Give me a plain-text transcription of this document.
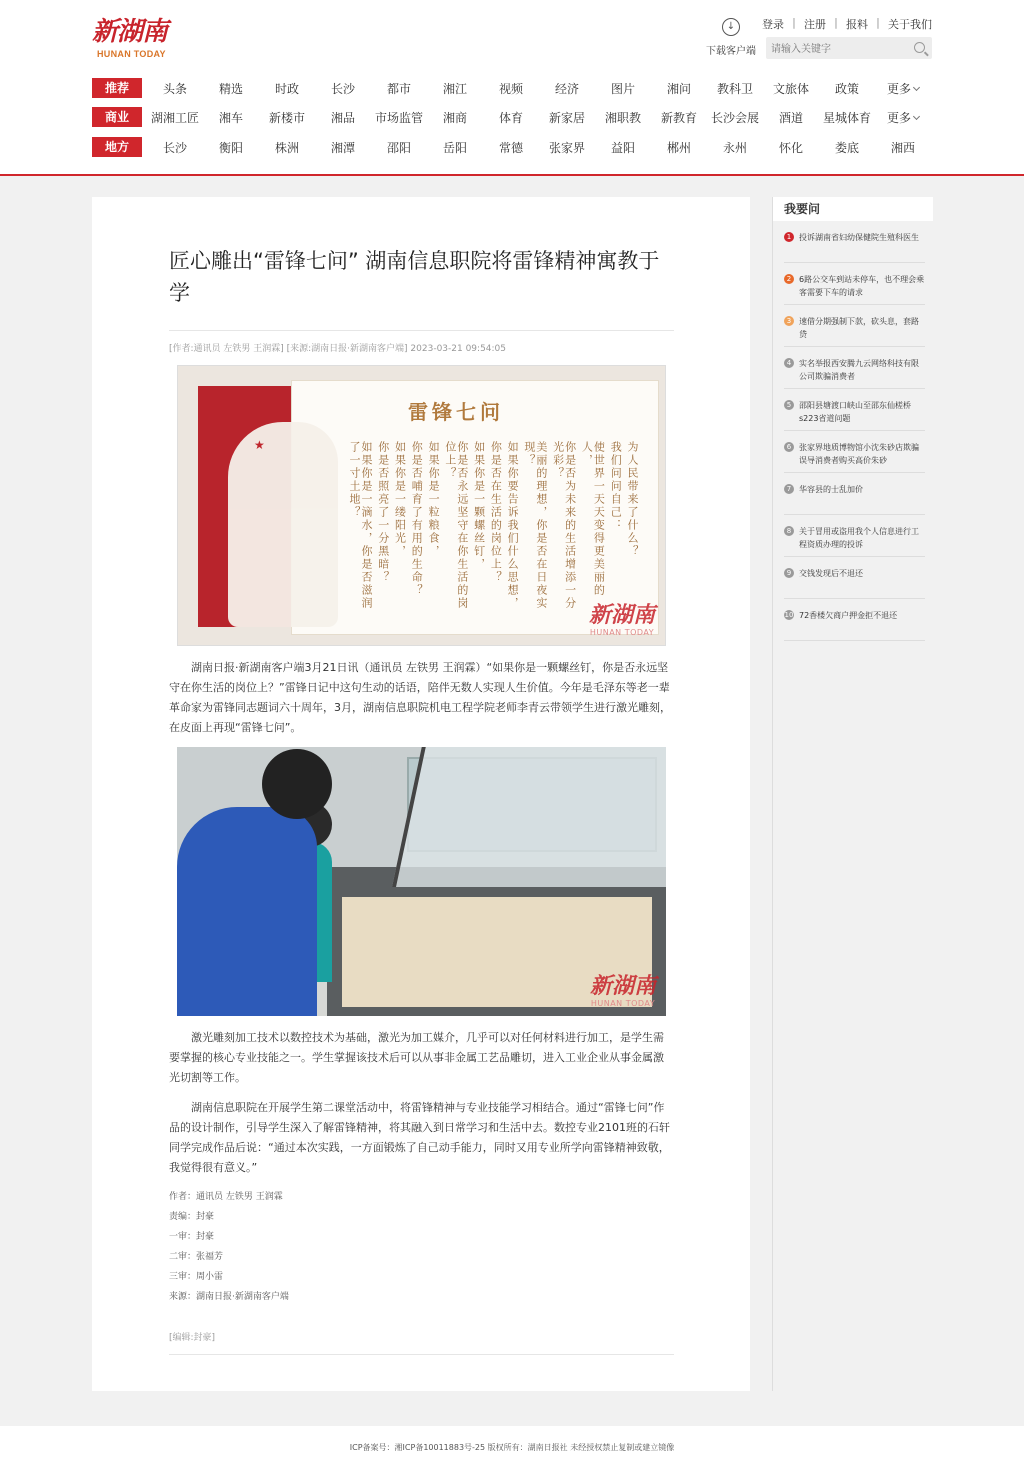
新湖南
HUNAN TODAY
↓
下载客户端
登录 | 注册 | 报料 | 关于我们
请输入关键字
推荐	头条	精选	时政	长沙	都市	湘江	视频	经济	图片	湘问	教科卫	文旅体	政策	更多
商业	湖湘工匠	湘车	新楼市	湘品	市场监管	湘商	体育	新家居	湘职教	新教育	长沙会展	酒道	星城体育	更多
地方	长沙	衡阳	株洲	湘潭	邵阳	岳阳	常德	张家界	益阳	郴州	永州	怀化	娄底	湘西
匠心雕出“雷锋七问” 湖南信息职院将雷锋精神寓教于学
[作者:通讯员 左铁男 王润霖] [来源:湖南日报·新湖南客户端] 2023-03-21 09:54:05
★
雷锋七问
为人民带来了什么？
我们问问自己：
使世界一天天变得更美丽的人，
你是否为未来的生活增添一分光彩？
美丽的理想，你是否在日夜实现？
如果你要告诉我们什么思想，
你是否在生活的岗位上？
如果你是一颗螺丝钉，
你是否永远坚守在你生活的岗位上？
如果你是一粒粮食，
你是否哺育了有用的生命？
如果你是一缕阳光，
你是否照亮了一分黑暗？
如果你是一滴水，你是否滋润了一寸土地？
新湖南
HUNAN TODAY

湖南日报·新湖南客户端3月21日讯（通讯员 左铁男 王润霖）“如果你是一颗螺丝钉，你是否永远坚守在你生活的岗位上？”雷锋日记中这句生动的话语，陪伴无数人实现人生价值。今年是毛泽东等老一辈革命家为雷锋同志题词六十周年，3月，湖南信息职院机电工程学院老师李青云带领学生进行激光雕刻，在皮面上再现“雷锋七问”。

新湖南
HUNAN TODAY

激光雕刻加工技术以数控技术为基础，激光为加工媒介，几乎可以对任何材料进行加工，是学生需要掌握的核心专业技能之一。学生掌握该技术后可以从事非金属工艺品雕切，进入工业企业从事金属激光切割等工作。

湖南信息职院在开展学生第二课堂活动中，将雷锋精神与专业技能学习相结合。通过“雷锋七问”作品的设计制作，引导学生深入了解雷锋精神，将其融入到日常学习和生活中去。数控专业2101班的石轩同学完成作品后说：“通过本次实践，一方面锻炼了自己动手能力，同时又用专业所学向雷锋精神致敬，我觉得很有意义。”

作者：通讯员 左铁男 王润霖
责编：封豪
一审：封豪
二审：张福芳
三审：周小雷
来源：湖南日报·新湖南客户端
[编辑:封豪]
我要问
1 投诉湖南省妇幼保健院生殖科医生
2 6路公交车到站未停车，也不理会乘客需要下车的请求
3 速借分期强制下款，砍头息，套路贷
4 实名举报西安腾九云网络科技有限公司欺骗消费者
5 邵阳县塘渡口峡山至邵东仙槎桥s223省道问题
6 张家界地质博物馆小沈朱砂店欺骗误导消费者购买高价朱砂
7 华容县的士乱加价
8 关于冒用或盗用我个人信息进行工程资质办理的投诉
9 交钱发现后不退还
10 72香楼欠商户押金拒不退还
ICP备案号：湘ICP备10011883号-25 版权所有：湖南日报社 未经授权禁止复制或建立镜像
